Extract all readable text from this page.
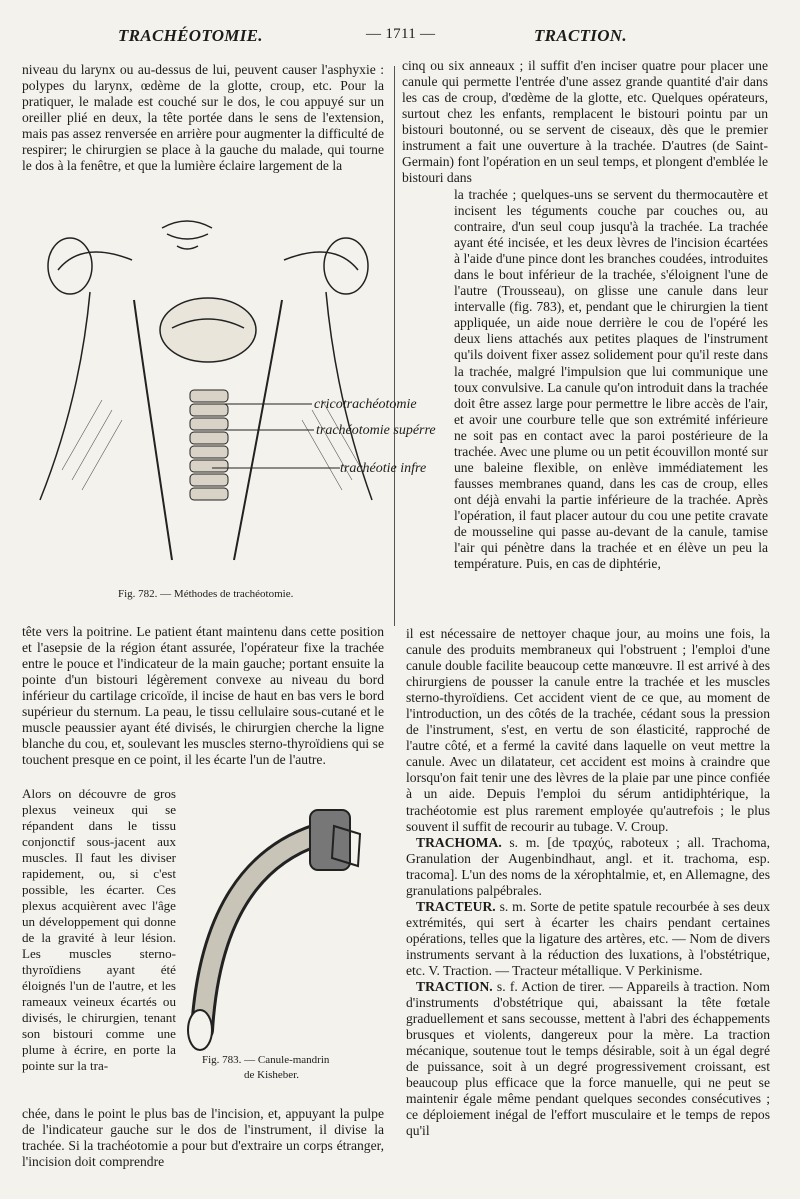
TRACHÉOTOMIE.	— 1711 —	TRACTION.

niveau du larynx ou au-dessus de lui, peuvent causer l'asphyxie : polypes du larynx, œdème de la glotte, croup, etc. Pour la pratiquer, le malade est couché sur le dos, le cou appuyé sur un oreiller plié en deux, la tête portée dans le sens de l'extension, mais pas assez renversée en arrière pour augmenter la difficulté de respirer; le chirurgien se place à la gauche du malade, qui tourne le dos à la fenêtre, et que la lumière éclaire largement de la

cricotrachéotomie
trachéotomie supérre
trachéotie infre
Fig. 782. — Méthodes de trachéotomie.

tête vers la poitrine. Le patient étant maintenu dans cette position et l'asepsie de la région étant assurée, l'opérateur fixe la trachée entre le pouce et l'indicateur de la main gauche; portant ensuite la pointe d'un bistouri légèrement convexe au niveau du bord inférieur du cartilage cricoïde, il incise de haut en bas vers le bord supérieur du sternum. La peau, le tissu cellulaire sous-cutané et le muscle peaussier ayant été divisés, le chirurgien cherche la ligne blanche du cou, et, soulevant les muscles sterno-thyroïdiens qui se touchent presque en ce point, il les écarte l'un de l'autre.

Alors on découvre de gros plexus veineux qui se répandent dans le tissu conjonctif sous-jacent aux muscles. Il faut les diviser rapidement, ou, si c'est possible, les écarter. Ces plexus acquièrent avec l'âge un développement qui donne de la gravité à leur lésion. Les muscles sterno-thyroïdiens ayant été éloignés l'un de l'autre, et les rameaux veineux écartés ou divisés, le chirurgien, tenant son bistouri comme une plume à écrire, en porte la pointe sur la tra-	Fig. 783. — Canule-mandrin
de Kisheber.

chée, dans le point le plus bas de l'incision, et, appuyant la pulpe de l'indicateur gauche sur le dos de l'instrument, il divise la trachée. Si la trachéotomie a pour but d'extraire un corps étranger, l'incision doit comprendre

cinq ou six anneaux ; il suffit d'en inciser quatre pour placer une canule qui permette l'entrée d'une assez grande quantité d'air dans les cas de croup, d'œdème de la glotte, etc. Quelques opérateurs, surtout chez les enfants, remplacent le bistouri pointu par un bistouri boutonné, ou se servent de ciseaux, dès que le premier instrument a fait une ouverture à la trachée. D'autres (de Saint-Germain) font l'opération en un seul temps, et plongent d'emblée le bistouri dans

la trachée ; quelques-uns se servent du thermocautère et incisent les téguments couche par couches ou, au contraire, d'un seul coup jusqu'à la trachée. La trachée ayant été incisée, et les deux lèvres de l'incision écartées à l'aide d'une pince dont les branches coudées, introduites dans le bout inférieur de la trachée, s'éloignent l'une de l'autre (Trousseau), on glisse une canule dans leur intervalle (fig. 783), et, pendant que le chirurgien la tient appliquée, un aide noue derrière le cou de l'opéré les deux liens attachés aux petites plaques de l'instrument qu'ils doivent fixer assez solidement pour qu'il reste dans la trachée, malgré l'impulsion que lui communique une toux convulsive. La canule qu'on introduit dans la trachée doit être assez large pour permettre le libre accès de l'air, et avoir une courbure telle que son extrémité inférieure ne soit pas en contact avec la paroi postérieure de la trachée. Avec une plume ou un petit écouvillon monté sur une baleine flexible, on enlève immédiatement les fausses membranes quand, dans les cas de croup, elles ont déjà envahi la partie inférieure de la trachée. Après l'opération, il faut placer autour du cou une petite cravate de mousseline qui passe au-devant de la canule, tamise l'air qui pénètre dans la trachée et en élève un peu la température. Puis, en cas de diphtérie,

il est nécessaire de nettoyer chaque jour, au moins une fois, la canule des produits membraneux qui l'obstruent ; l'emploi d'une canule double facilite beaucoup cette manœuvre. Il est arrivé à des chirurgiens de pousser la canule entre la trachée et les muscles sterno-thyroïdiens. Cet accident vient de ce que, au moment de l'introduction, un des côtés de la trachée, cédant sous la pression de l'instrument, s'est, en vertu de son élasticité, rapproché de l'autre côté, et a fermé la cavité dans laquelle on veut mettre la canule. Avec un dilatateur, cet accident est moins à craindre que lorsqu'on fait tenir une des lèvres de la plaie par une pince confiée à un aide. Depuis l'emploi du sérum antidiphtérique, la trachéotomie est plus rarement employée qu'autrefois ; le plus souvent il suffit de recourir au tubage. V. Croup.

TRACHOMA. s. m. [de τραχύς, raboteux ; all. Trachoma, Granulation der Augenbindhaut, angl. et it. trachoma, esp. tracoma]. L'un des noms de la xérophtalmie, et, en Allemagne, des granulations palpébrales.

TRACTEUR. s. m. Sorte de petite spatule recourbée à ses deux extrémités, qui sert à écarter les chairs pendant certaines opérations, telles que la ligature des artères, etc. — Nom de divers instruments servant à la réduction des luxations, à l'obstétrique, etc. V. Traction. — Tracteur métallique. V Perkinisme.

TRACTION. s. f. Action de tirer. — Appareils à traction. Nom d'instruments d'obstétrique qui, abaissant la tête fœtale graduellement et sans secousse, mettent à l'abri des échappements brusques et violents, dangereux pour la mère. La traction mécanique, soutenue tout le temps désirable, soit à un égal degré de puissance, soit à un degré progressivement croissant, est beaucoup plus efficace que la force manuelle, qui ne peut se maintenir égale même pendant quelques secondes consécutives ; ce déploiement inégal de l'effort musculaire et le temps de repos qu'il
